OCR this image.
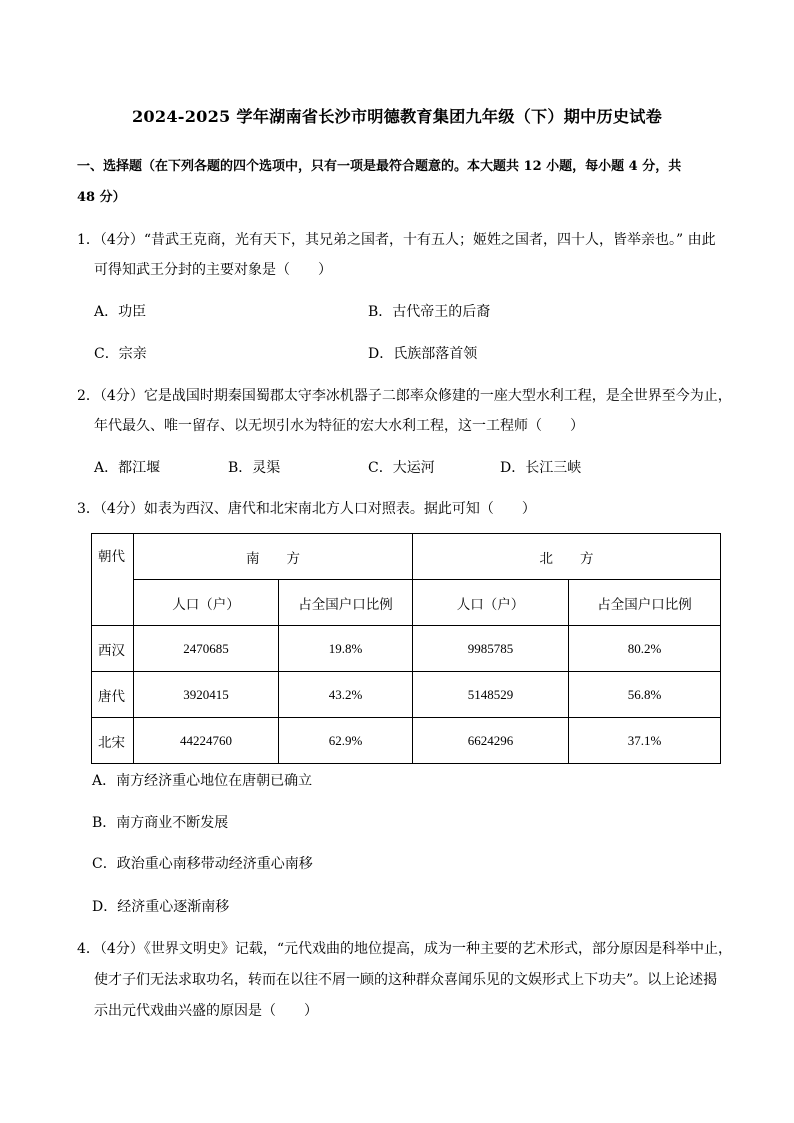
2024-2025 学年湖南省长沙市明德教育集团九年级（下）期中历史试卷
一、选择题（在下列各题的四个选项中，只有一项是最符合题意的。本大题共 12 小题，每小题 4 分，共
48 分）
1．（4分）“昔武王克商，光有天下，其兄弟之国者，十有五人；姬姓之国者，四十人，皆举亲也。” 由此
可得知武王分封的主要对象是（　　）
A．功臣	B．古代帝王的后裔
C．宗亲	D．氏族部落首领
2．（4分）它是战国时期秦国蜀郡太守李冰机器子二郎率众修建的一座大型水利工程，是全世界至今为止，
年代最久、唯一留存、以无坝引水为特征的宏大水利工程，这一工程师（　　）
A．都江堰	B．灵渠	C．大运河	D．长江三峡
3．（4分）如表为西汉、唐代和北宋南北方人口对照表。据此可知（　　）
朝代	南　　方		北　　方	
	人口（户）	占全国户口比例	人口（户）	占全国户口比例
西汉	2470685	19.8%	9985785	80.2%
唐代	3920415	43.2%	5148529	56.8%
北宋	44224760	62.9%	6624296	37.1%
A．南方经济重心地位在唐朝已确立
B．南方商业不断发展
C．政治重心南移带动经济重心南移
D．经济重心逐渐南移
4．（4分）《世界文明史》记载，“元代戏曲的地位提高，成为一种主要的艺术形式，部分原因是科举中止，
使才子们无法求取功名，转而在以往不屑一顾的这种群众喜闻乐见的文娱形式上下功夫”。以上论述揭
示出元代戏曲兴盛的原因是（　　）
